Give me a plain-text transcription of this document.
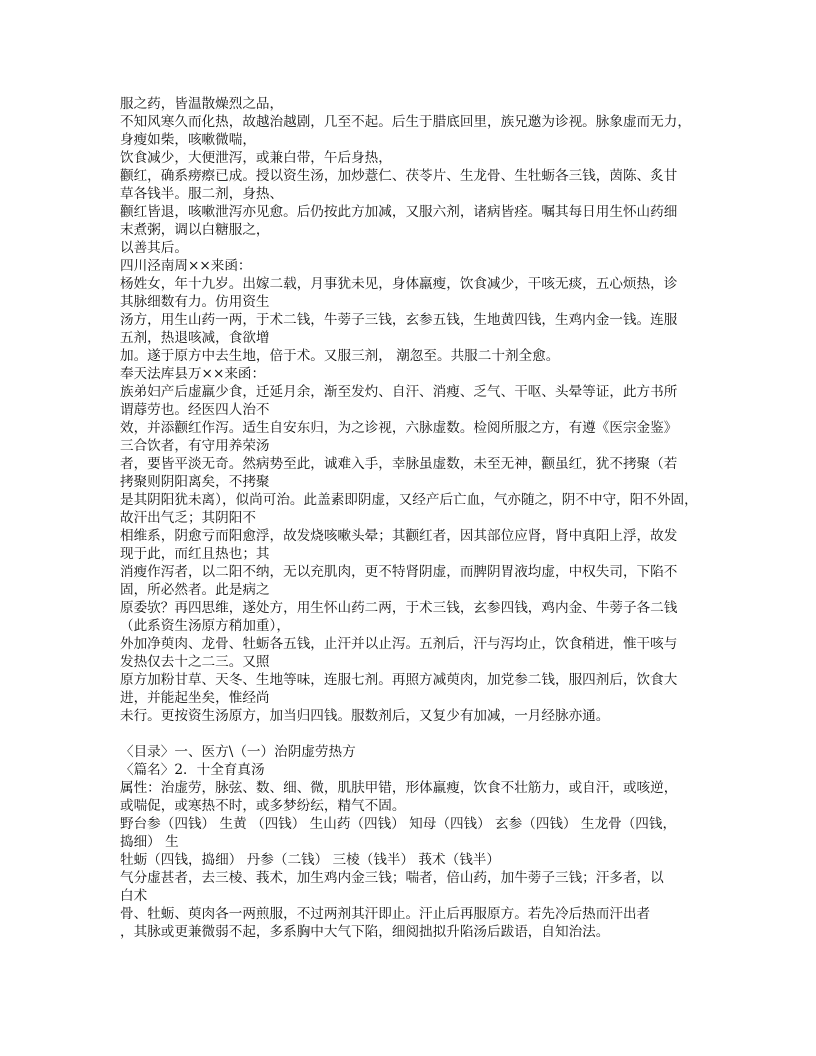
服之药，皆温散燥烈之品，
不知风寒久而化热，故越治越剧，几至不起。后生于腊底回里，族兄邀为诊视。脉象虚而无力，
身瘦如柴，咳嗽微喘，
饮食减少，大便泄泻，或兼白带，午后身热，
颧红，确系痨瘵已成。授以资生汤，加炒薏仁、茯苓片、生龙骨、生牡蛎各三钱，茵陈、炙甘
草各钱半。服二剂，身热、
颧红皆退，咳嗽泄泻亦见愈。后仍按此方加减，又服六剂，诸病皆痊。嘱其每日用生怀山药细
末煮粥，调以白糖服之，
以善其后。
四川泾南周××来函：
杨姓女，年十九岁。出嫁二载，月事犹未见，身体羸瘦，饮食减少，干咳无痰，五心烦热，诊
其脉细数有力。仿用资生
汤方，用生山药一两，于术二钱，牛蒡子三钱，玄参五钱，生地黄四钱，生鸡内金一钱。连服
五剂，热退咳减，食欲增
加。遂于原方中去生地，倍于术。又服三剂， 潮忽至。共服二十剂全愈。
奉天法库县万××来函：
族弟妇产后虚羸少食，迁延月余，渐至发灼、自汗、消瘦、乏气、干呕、头晕等证，此方书所
谓蓐劳也。经医四人治不
效，并添颧红作泻。适生自安东归，为之诊视，六脉虚数。检阅所服之方，有遵《医宗金鉴》
三合饮者，有守用养荣汤
者，要皆平淡无奇。然病势至此，诚难入手，幸脉虽虚数，未至无神，颧虽红，犹不拷聚（若
拷聚则阴阳离矣，不拷聚
是其阴阳犹未离），似尚可治。此盖素即阴虚，又经产后亡血，气亦随之，阴不中守，阳不外固，
故汗出气乏；其阴阳不
相维系，阴愈亏而阳愈浮，故发烧咳嗽头晕；其颧红者，因其部位应肾，肾中真阳上浮，故发
现于此，而红且热也；其
消瘦作泻者，以二阳不纳，无以充肌肉，更不特肾阴虚，而脾阴胃液均虚，中权失司，下陷不
固，所必然者。此是病之
原委欤？再四思维，遂处方，用生怀山药二两，于术三钱，玄参四钱，鸡内金、牛蒡子各二钱
（此系资生汤原方稍加重），
外加净萸肉、龙骨、牡蛎各五钱，止汗并以止泻。五剂后，汗与泻均止，饮食稍进，惟干咳与
发热仅去十之二三。又照
原方加粉甘草、天冬、生地等味，连服七剂。再照方减萸肉，加党参二钱，服四剂后，饮食大
进，并能起坐矣，惟经尚
未行。更按资生汤原方，加当归四钱。服数剂后，又复少有加减，一月经脉亦通。
〈目录〉一、医方\（一）治阴虚劳热方
〈篇名〉2．十全育真汤
属性：治虚劳，脉弦、数、细、微，肌肤甲错，形体羸瘦，饮食不壮筋力，或自汗，或咳逆，
或喘促，或寒热不时，或多梦纷纭，精气不固。
野台参（四钱） 生黄 （四钱） 生山药（四钱） 知母（四钱） 玄参（四钱） 生龙骨（四钱，
捣细） 生
牡蛎（四钱，捣细） 丹参（二钱） 三棱（钱半） 莪术（钱半）
气分虚甚者，去三棱、莪术，加生鸡内金三钱；喘者，倍山药，加牛蒡子三钱；汗多者，以
白术
骨、牡蛎、萸肉各一两煎服，不过两剂其汗即止。汗止后再服原方。若先冷后热而汗出者
，其脉或更兼微弱不起，多系胸中大气下陷，细阅拙拟升陷汤后跋语，自知治法。
